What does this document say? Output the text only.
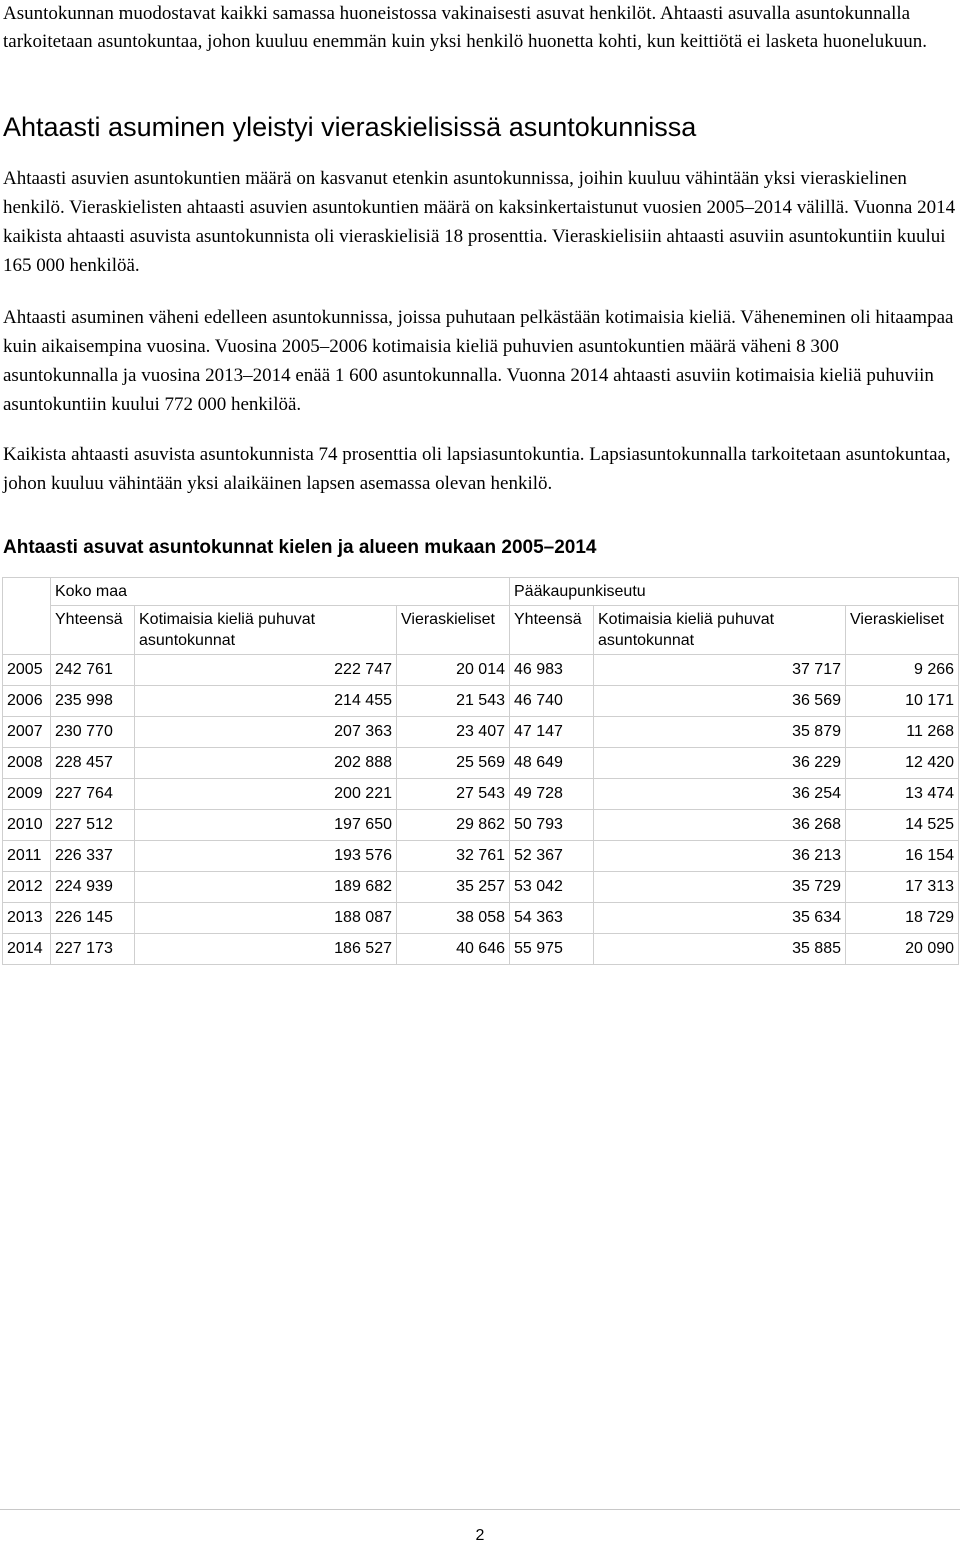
Asuntokunnan muodostavat kaikki samassa huoneistossa vakinaisesti asuvat henkilöt. Ahtaasti asuvalla asuntokunnalla tarkoitetaan asuntokuntaa, johon kuuluu enemmän kuin yksi henkilö huonetta kohti, kun keittiötä ei lasketa huonelukuun.

Ahtaasti asuminen yleistyi vieraskielisissä asuntokunnissa

Ahtaasti asuvien asuntokuntien määrä on kasvanut etenkin asuntokunnissa, joihin kuuluu vähintään yksi vieraskielinen henkilö. Vieraskielisten ahtaasti asuvien asuntokuntien määrä on kaksinkertaistunut vuosien 2005–2014 välillä. Vuonna 2014 kaikista ahtaasti asuvista asuntokunnista oli vieraskielisiä 18 prosenttia. Vieraskielisiin ahtaasti asuviin asuntokuntiin kuului 165 000 henkilöä.

Ahtaasti asuminen väheni edelleen asuntokunnissa, joissa puhutaan pelkästään kotimaisia kieliä. Väheneminen oli hitaampaa kuin aikaisempina vuosina. Vuosina 2005–2006 kotimaisia kieliä puhuvien asuntokuntien määrä väheni 8 300 asuntokunnalla ja vuosina 2013–2014 enää 1 600 asuntokunnalla. Vuonna 2014 ahtaasti asuviin kotimaisia kieliä puhuviin asuntokuntiin kuului 772 000 henkilöä.

Kaikista ahtaasti asuvista asuntokunnista 74 prosenttia oli lapsiasuntokuntia. Lapsiasuntokunnalla tarkoitetaan asuntokuntaa, johon kuuluu vähintään yksi alaikäinen lapsen asemassa olevan henkilö.

Ahtaasti asuvat asuntokunnat kielen ja alueen mukaan 2005–2014
	Koko maa			Pääkaupunkiseutu		
	Yhteensä	Kotimaisia kieliä puhuvat asuntokunnat	Vieraskieliset	Yhteensä	Kotimaisia kieliä puhuvat asuntokunnat	Vieraskieliset
2005	242 761	222 747	20 014	46 983	37 717	9 266
2006	235 998	214 455	21 543	46 740	36 569	10 171
2007	230 770	207 363	23 407	47 147	35 879	11 268
2008	228 457	202 888	25 569	48 649	36 229	12 420
2009	227 764	200 221	27 543	49 728	36 254	13 474
2010	227 512	197 650	29 862	50 793	36 268	14 525
2011	226 337	193 576	32 761	52 367	36 213	16 154
2012	224 939	189 682	35 257	53 042	35 729	17 313
2013	226 145	188 087	38 058	54 363	35 634	18 729
2014	227 173	186 527	40 646	55 975	35 885	20 090
2
